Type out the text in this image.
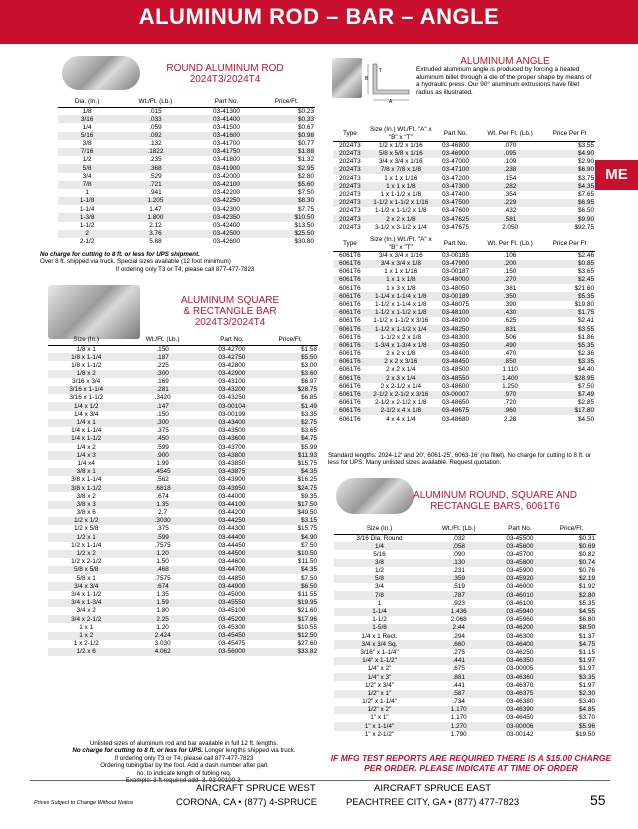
ALUMINUM ROD – BAR – ANGLE
ME
ROUND ALUMINUM ROD
2024T3/2024T4
Dia. (In.)	Wt./Ft. (Lb.)	Part No.	Price/Ft.
1/8	.015	03-41300	$0.23
3/16	.033	03-41400	$0.33
1/4	.059	03-41500	$0.67
5/16	.092	03-41600	$0.98
3/8	.132	03-41700	$0.77
7/16	.1822	03-41750	$1.88
1/2	.235	03-41800	$1.32
5/8	.368	03-41900	$2.95
3/4	.529	03-42000	$2.80
7/8	.721	03-42100	$5.60
1	.941	03-42200	$7.50
1-1/8	1.205	03-42250	$8.30
1-1/4	1.47	03-42300	$7.75
1-3/8	1.800	03-42350	$10.50
1-1/2	2.12	03-42400	$13.50
2	3.76	03-42500	$25.50
2-1/2	5.88	03-42600	$30.80
No charge for cutting to 8 ft. or less for UPS shipment.
Over 8 ft. shipped via truck. Special sizes available (12 foot minimum)
If ordering only T3 or T4, please call 877-477-7823
ALUMINUM SQUARE
& RECTANGLE BAR
2024T3/2024T4
Size (In.)	Wt./Ft. (Lb.)	Part No.	Price/Ft.
1/8 x 1	.150	03-42700	$1.58
1/8 x 1-1/4	.187	03-42750	$5.50
1/8 x 1-1/2	.225	03-42800	$3.00
1/8 x 2	.300	03-42900	$3.60
3/16 x 3/4	.169	03-43100	$6.97
3/16 x 1-1/4	.281	03-43200	$28.75
3/16 x 1-1/2	.3420	03-43250	$6.85
1/4 x 1/2	.147	03-00104	$1.49
1/4 x 3/4	.150	03-00199	$3.35
1/4 x 1	.300	03-43400	$2.75
1/4 x 1-1/4	.375	03-43500	$3.65
1/4 x 1-1/2	.450	03-43600	$4.75
1/4 x 2	.599	03-43700	$5.99
1/4 x 3	.900	03-43800	$11.93
1/4 x4	1.99	03-43850	$15.75
3/8 x 1	.4545	03-43875	$4.35
3/8 x 1-1/4	.562	03-43900	$16.25
3/8 x 1-1/2	.6818	03-43950	$24.75
3/8 x 2	.674	03-44000	$9.35
3/8 x 3	1.35	03-44100	$17.50
3/8 x 6	2.7	03-44200	$49.50
1/2 x 1/2	.3030	03-44250	$3.15
1/2 x 5/8	.375	03-44300	$15.75
1/2 x 1	.599	03-44400	$4.90
1/2 x 1-1/4	.7575	03-44450	$7.50
1/2 x 2	1.20	03-44500	$10.50
1/2 x 2-1/2	1.50	03-44600	$11.50
5/8 x 5/8	.468	03-44700	$4.35
5/8 x 1	.7575	03-44850	$7.50
3/4 x 3/4	.674	03-44900	$6.50
3/4 x 1-1/2	1.35	03-45000	$11.55
3/4 x 1-3/4	1.59	03-45550	$19.95
3/4 x 2	1.80	03-45100	$21.60
3/4 x 2-1/2	2.25	03-45200	$17.96
1 x 1	1.20	03-45300	$10.55
1 x 2	2.424	03-45450	$12.50
1 x 2-1/2	3.030	03-45475	$27.60
1/2 x 6	4.062	03-56000	$33.82
Unlisted sizes of aluminum rod and bar available in full 12 ft. lengths.
No charge for cutting to 8 ft. or less for UPS. Longer lengths shipped via truck.
If ordering only T3 or T4, please call 877-477-7823
Ordering tubing/bar by the foot. Add a dash number after part
no. to indicate length of tubing req.
Example: 3 ft required add -3, 03-00100-3.
A
B
T
ALUMINUM ANGLE
Extruded aluminum angle is produced by forcing a heated aluminum billet through a die of the proper shape by means of a hydraulic press. Our 90° aluminum extrusions have fillet radius as illustrated.
Type	Size (In.) Wt./Ft. "A" x "B" x "T"	Part No.	Wt. Per Ft. (Lb.)	Price Per Ft
2024T3	1/2 x 1/2 x 1/16	03-46800	.070	$3.55
2024T3	5/8 x 5/8 x 1/16	03-46900	.095	$4.90
2024T3	3/4 x 3/4 x 1/16	03-47000	.109	$2.90
2024T3	7/8 x 7/8 x 1/8	03-47100	.238	$6.90
2024T3	1 x 1 x 1/16	03-47200	.154	$3.75
2024T3	1 x 1 x 1/8	03-47300	.282	$4.35
2024T3	1 x 1-1/2 x 1/8	03-47400	.354	$7.65
2024T3	1-1/2 x 1-1/2 x 1/16	03-47500	.229	$6.95
2024T3	1-1/2 x 1-1/2 x 1/8	03-47600	.432	$6.50
2024T3	2 x 2 x 1/8	03-47625	.581	$9.90
2024T3	3-1/2 x 3-1/2 x 1/4	03-47675	2.050	$92.75
Type	Size (In.) Wt./Ft. "A" x "B" x "T"	Part No.	Wt. Per Ft. (Lb.)	Price Per Ft
6061T6	3/4 x 3/4 x 1/16	03-00185	.106	$2.46
6061T6	3/4 x 3/4 x 1/8	03-47900	.200	$0.85
6061T6	1 x 1 x 1/16	03-00187	.150	$3.65
6061T6	1 x 1 x 1/8	03-48000	.270	$2.45
6061T6	1 x 3 x 1/8	03-48050	.381	$21.60
6061T6	1-1/4 x 1-1/4 x 1/8	03-00189	.350	$5.35
6061T6	1-1/2 x 1-1/4 x 1/8	03-48075	.390	$19.80
6061T6	1-1/2 x 1-1/2 x 1/8	03-48100	.430	$1.75
6061T6	1-1/2 x 1-1/2 x 3/16	03-48200	.625	$2.41
6061T6	1-1/2 x 1-1/2 x 1/4	03-48250	.831	$3.55
6061T6	1-1/2 x 2 x 1/8	03-48300	.506	$1.86
6061T6	1-3/4 x 1-3/4 x 1/8	03-48350	.490	$5.35
6061T6	2 x 2 x 1/8	03-48400	.470	$2.36
6061T6	2 x 2 x 3/16	03-48450	.850	$3.35
6061T6	2 x 2 x 1/4	03-48500	1.110	$4.40
6061T6	2 x 3 x 1/4	03-48550	1.400	$28.95
6061T6	2 x 2-1/2 x 1/4	03-48600	1.250	$7.50
6061T6	2-1/2 x 2-1/2 x 3/16	03-00007	.970	$7.49
6061T6	2-1/2 x 2-1/2 x 1/8	03-48650	.720	$2.85
6061T6	2-1/2 x 4 x 1/8	03-48675	.960	$17.80
6061T6	4 x 4 x 1/4	03-48680	2.28	$4.50
Standard lengths: 2024-12' and 20', 6061-25', 6063-16' (no fillet). No charge for cutting to 8 ft. or less for UPS. Many unlisted sizes available. Request quotation.
ALUMINUM ROUND, SQUARE AND
RECTANGLE BARS, 6061T6
Size (In.)	Wt./Ft. (Lb.)	Part No.	Price/Ft.
3/16 Dia. Round	.032	03-45500	$0.31
1/4	.058	03-45600	$0.69
5/16	.090	03-45700	$0.82
3/8	.130	03-45800	$0.74
1/2	.231	03-45900	$0.76
5/8	.359	03-45920	$2.19
3/4	.519	03-46000	$1.92
7/8	.787	03-46010	$2.80
1	.923	03-46100	$5.35
1-1/4	1.436	03-45940	$4.55
1-1/2	2.068	03-45960	$6.80
1-5/8	2.44	03-46200	$8.50
1/4 x 1 Rect.	.294	03-46300	$1.37
3/4 x 3/4 Sq.	.660	03-46400	$4.75
3/16" x 1-1/4"	.275	03-46250	$1.15
1/4" x 1-1/2"	.441	03-46350	$1.97
1/4" x 2"	.675	03-00005	$1.97
1/4" x 3"	.881	03-46360	$3.35
1/2" x 3/4"	.441	03-46370	$1.97
1/2" x 1"	.587	03-46375	$2.30
1/2" x 1-1/4"	.734	03-46380	$3.40
1/2" x 2"	1.170	03-46390	$4.85
1" x 1"	1.170	03-46450	$3.70
1" x 1-1/4"	1.270	03-00006	$5.96
1" x 2-1/2"	1.790	03-00142	$19.50
IF MFG TEST REPORTS ARE REQUIRED THERE IS A $15.00 CHARGE
PER ORDER. PLEASE INDICATE AT TIME OF ORDER
Prices Subject to Change Without Notice
AIRCRAFT SPRUCE WEST
CORONA, CA • (877) 4-SPRUCE
AIRCRAFT SPRUCE EAST
PEACHTREE CITY, GA • (877) 477-7823	55
